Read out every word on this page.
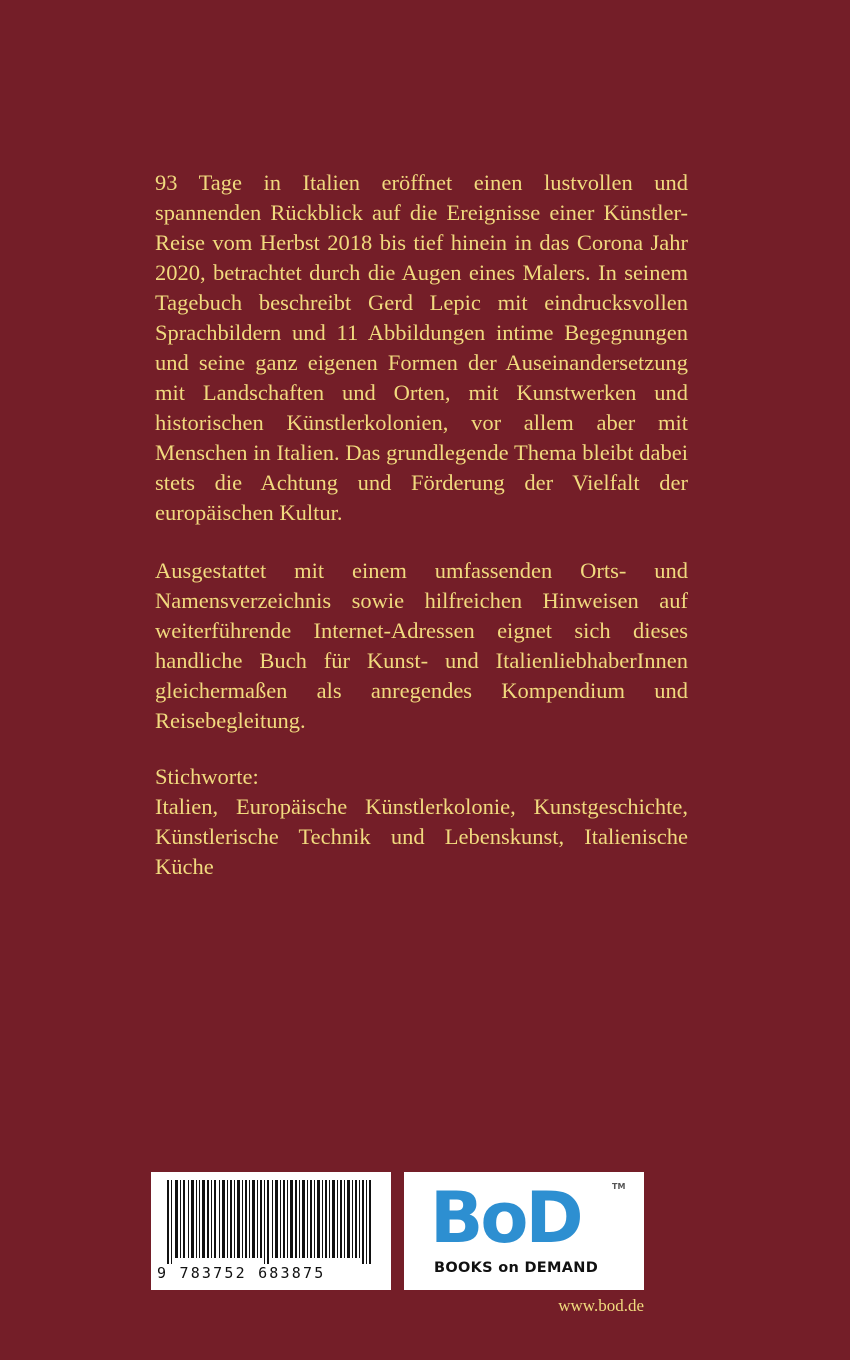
93 Tage in Italien eröffnet einen lustvollen und spannenden Rückblick auf die Ereignisse einer Künstler-Reise vom Herbst 2018 bis tief hinein in das Corona Jahr 2020, betrachtet durch die Augen eines Malers. In seinem Tagebuch beschreibt Gerd Lepic mit eindrucksvollen Sprachbildern und 11 Abbildungen intime Begegnungen und seine ganz eigenen Formen der Auseinandersetzung mit Landschaften und Orten, mit Kunstwerken und historischen Künstlerkolonien, vor allem aber mit Menschen in Italien. Das grundlegende Thema bleibt dabei stets die Achtung und Förderung der Vielfalt der europäischen Kultur.

Ausgestattet mit einem umfassenden Orts- und Namensverzeichnis sowie hilfreichen Hinweisen auf weiterführende Internet-Adressen eignet sich dieses handliche Buch für Kunst- und ItalienliebhaberInnen gleichermaßen als anregendes Kompendium und Reisebegleitung.

Stichworte:

Italien, Europäische Künstlerkolonie, Kunstgeschichte, Künstlerische Technik und Lebenskunst, Italienische Küche

9 783752 683875
BoD	TM
BOOKS on DEMAND
www.bod.de
